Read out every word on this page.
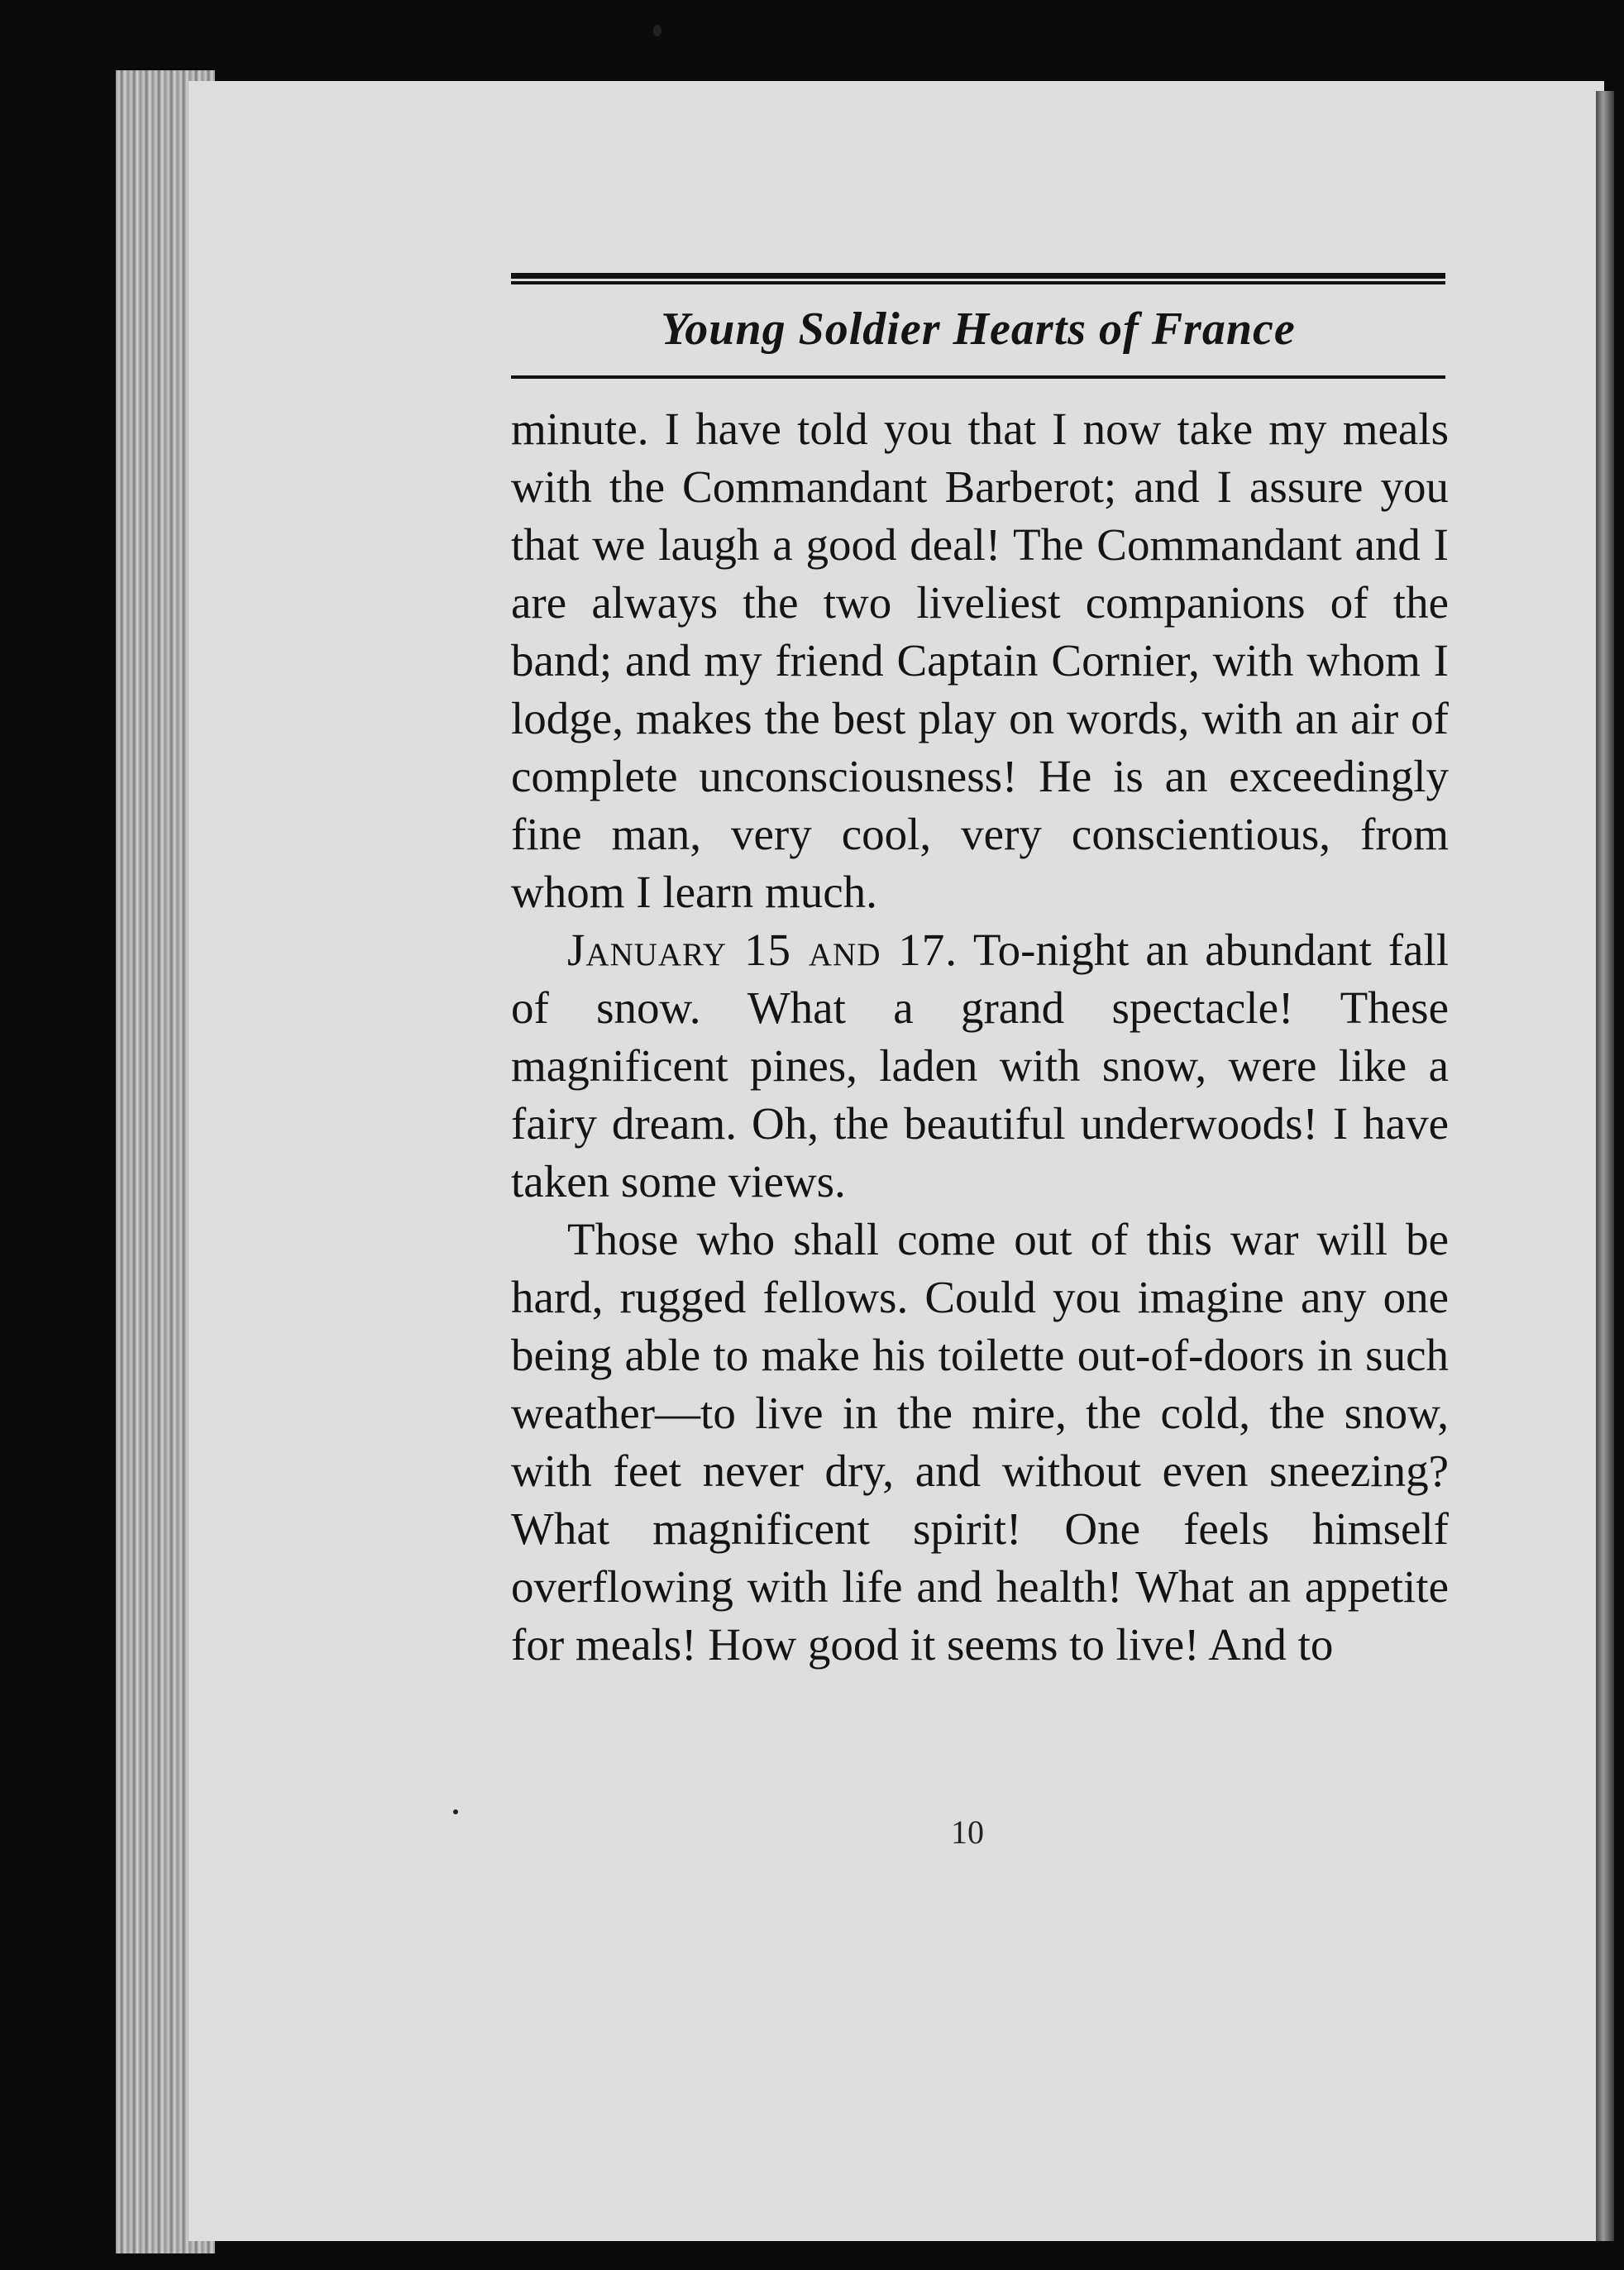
Young Soldier Hearts of France

minute. I have told you that I now take my meals with the Commandant Barberot; and I assure you that we laugh a good deal! The Commandant and I are always the two liveliest companions of the band; and my friend Captain Cornier, with whom I lodge, makes the best play on words, with an air of complete unconsciousness! He is an exceedingly fine man, very cool, very conscientious, from whom I learn much.

January 15 and 17. To-night an abundant fall of snow. What a grand spectacle! These magnificent pines, laden with snow, were like a fairy dream. Oh, the beautiful underwoods! I have taken some views.

Those who shall come out of this war will be hard, rugged fellows. Could you imagine any one being able to make his toilette out-of-doors in such weather—to live in the mire, the cold, the snow, with feet never dry, and without even sneezing? What magnificent spirit! One feels himself overflowing with life and health! What an appetite for meals! How good it seems to live! And to

10
